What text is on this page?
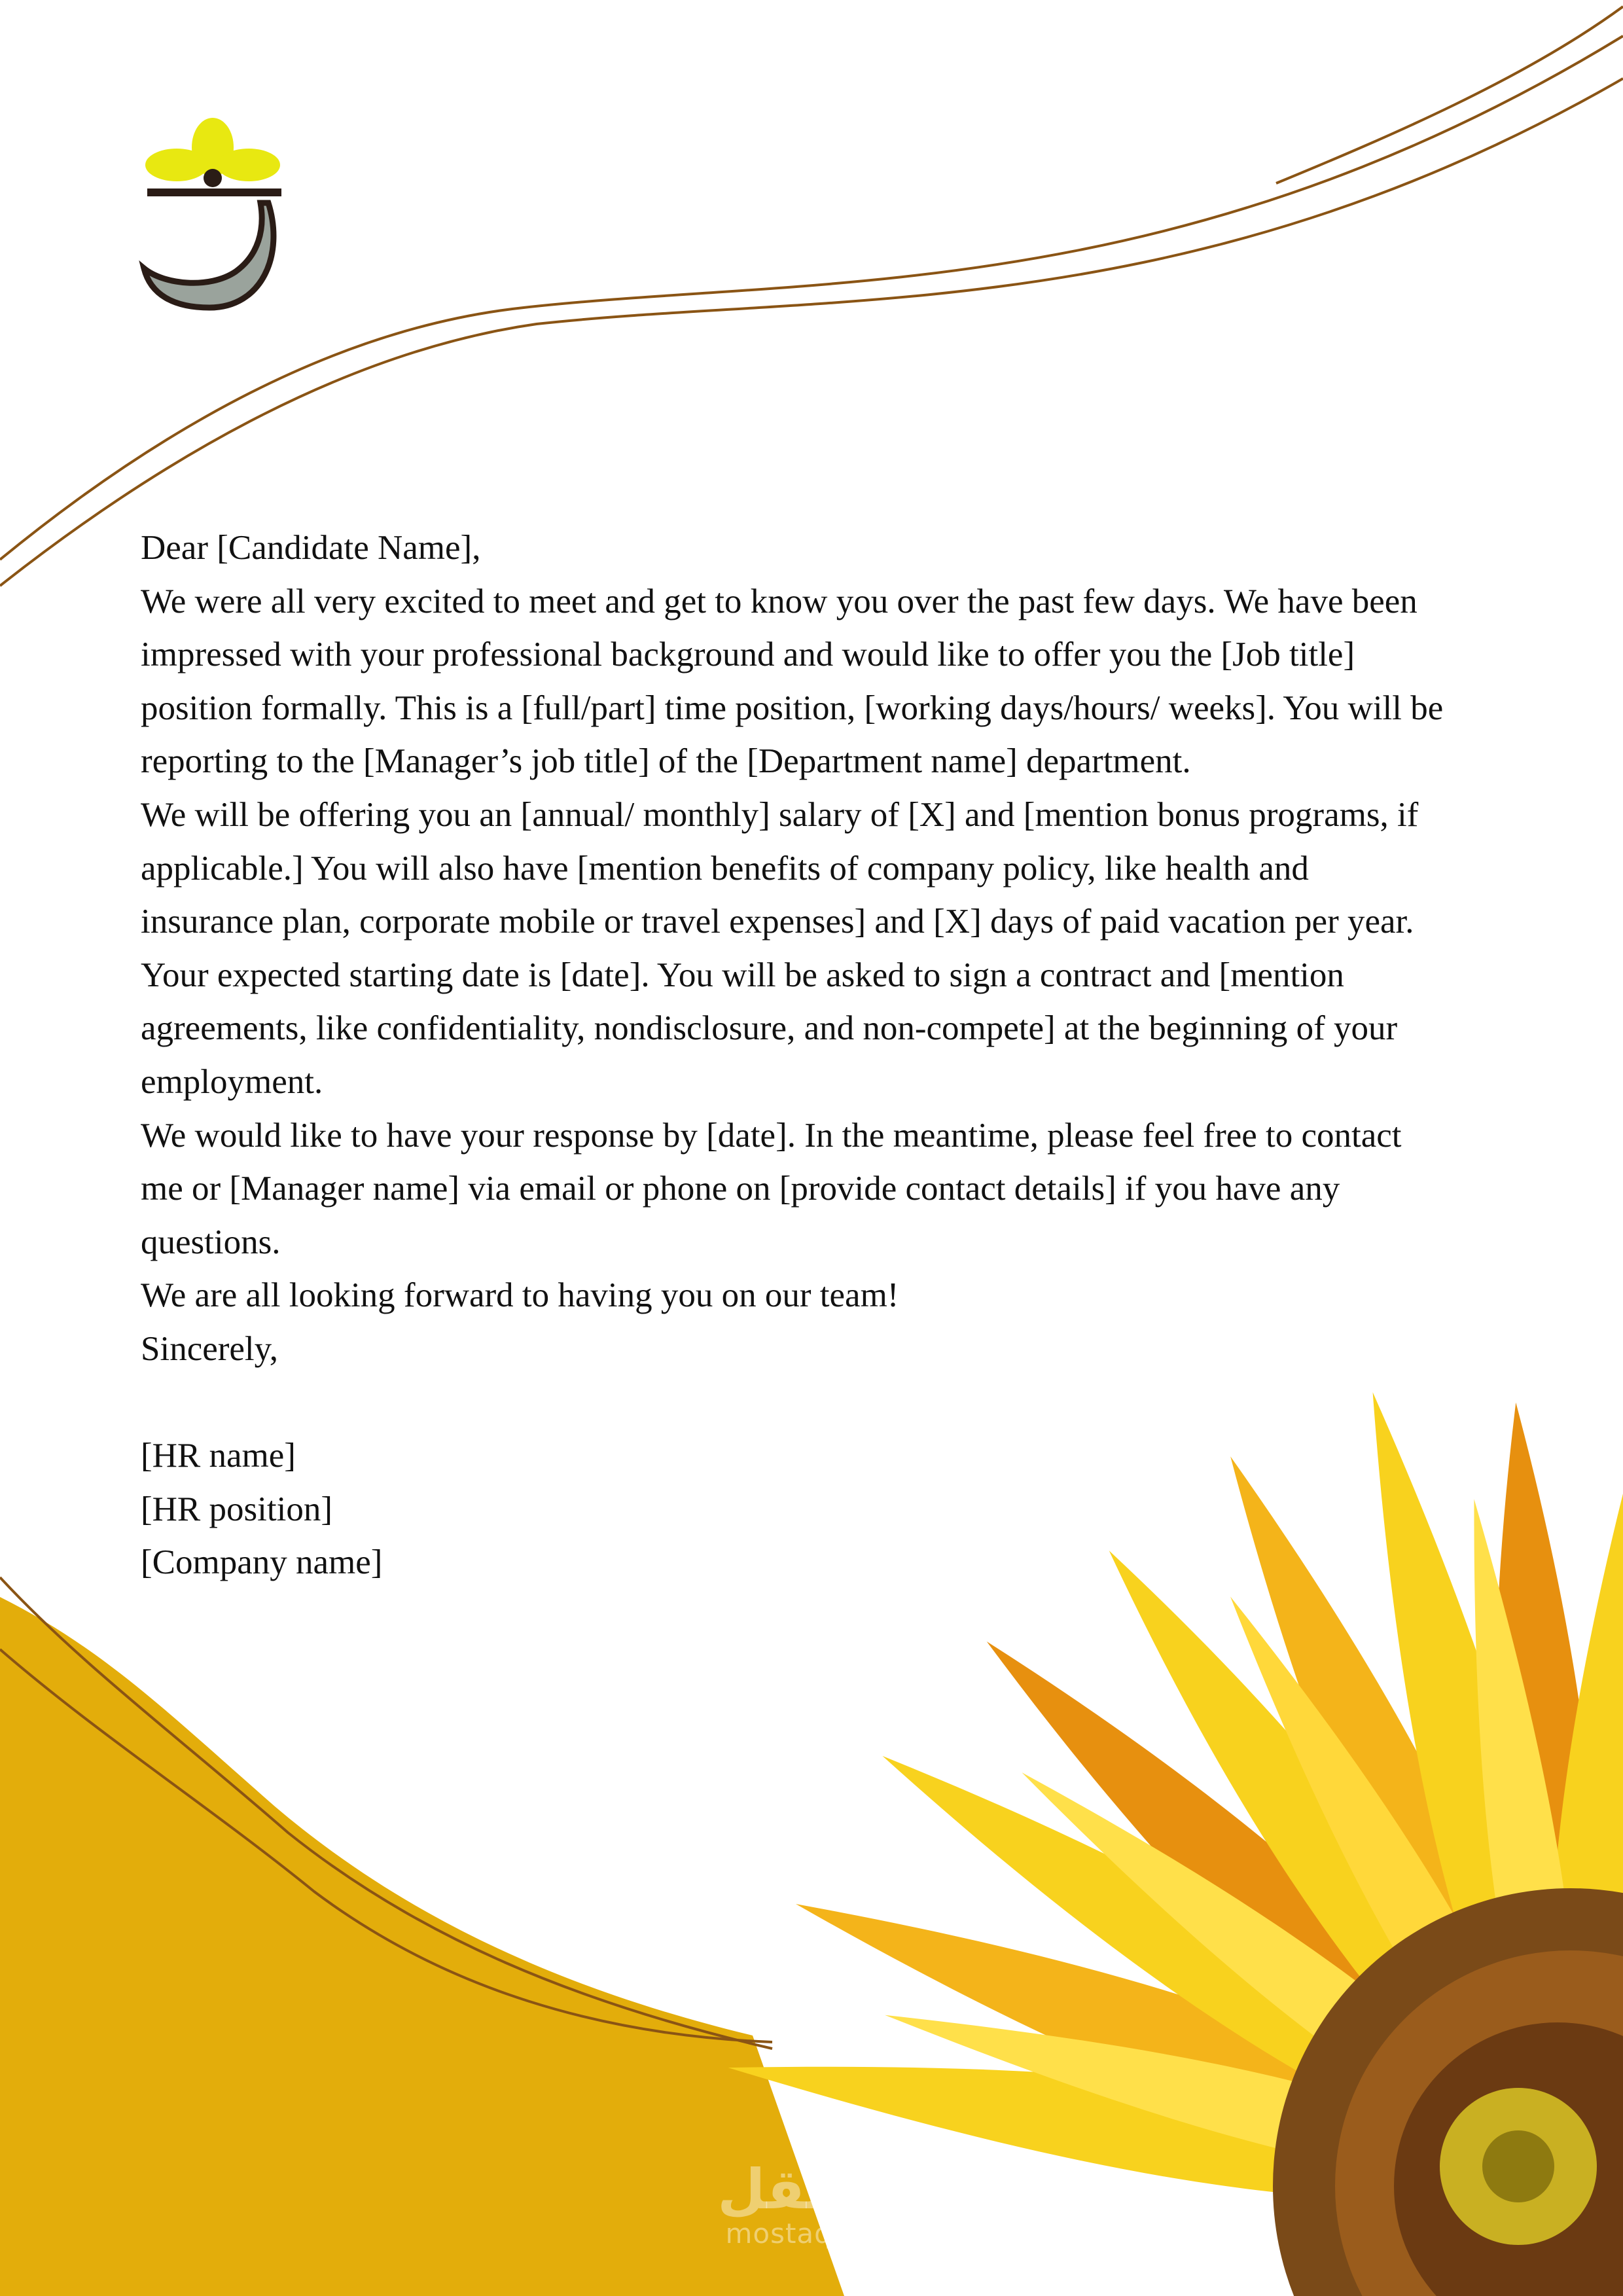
Dear [Candidate Name],

We were all very excited to meet and get to know you over the past few days. We have been impressed with your professional background and would like to offer you the [Job title] position formally. This is a [full/part] time position, [working days/hours/ weeks]. You will be reporting to the [Manager’s job title] of the [Department name] department.

We will be offering you an [annual/ monthly] salary of [X] and [mention bonus programs, if applicable.] You will also have [mention benefits of company policy, like health and insurance plan, corporate mobile or travel expenses] and [X] days of paid vacation per year.

Your expected starting date is [date]. You will be asked to sign a contract and [mention agreements, like confidentiality, nondisclosure, and non-compete] at the beginning of your employment.

We would like to have your response by [date]. In the meantime, please feel free to contact me or [Manager name] via email or phone on [provide contact details] if you have any questions.

We are all looking forward to having you on our team!

Sincerely,

[HR name]

[HR position]

[Company name]

مستقل
mostaql.com
